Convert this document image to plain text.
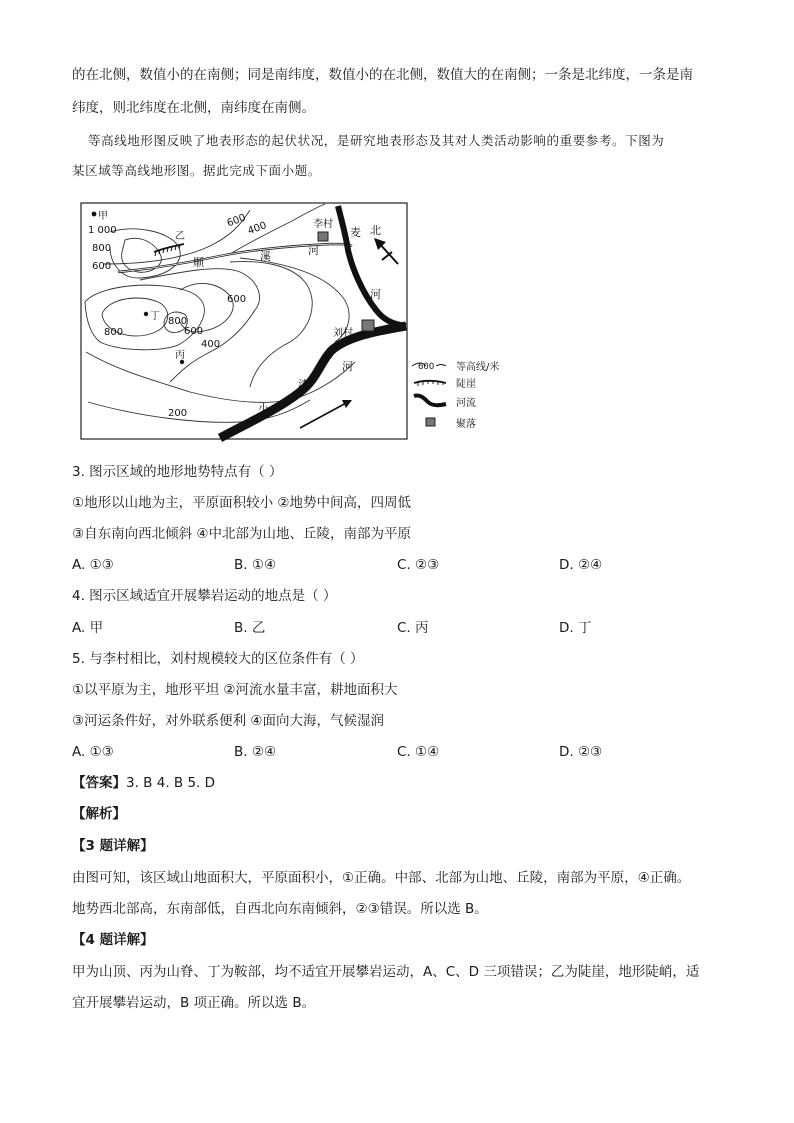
的在北侧，数值小的在南侧；同是南纬度，数值小的在北侧，数值大的在南侧；一条是北纬度，一条是南
纬度，则北纬度在北侧，南纬度在南侧。
等高线地形图反映了地表形态的起伏状况，是研究地表形态及其对人类活动影响的重要参考。下图为
某区域等高线地形图。据此完成下面小题。
甲
1 000
800
600
乙
600 400	李村
麦 北
顺	溪	河
河
600
800
丁 800
600
400
丙
刘村
河
清
小
200
600 等高线/米
陡崖
河流
聚落
3. 图示区域的地形地势特点有（ ）
①地形以山地为主，平原面积较小 ②地势中间高，四周低
③自东南向西北倾斜 ④中北部为山地、丘陵，南部为平原
A. ①③	B. ①④	C. ②③	D. ②④
4. 图示区域适宜开展攀岩运动的地点是（ ）
A. 甲	B. 乙	C. 丙	D. 丁
5. 与李村相比，刘村规模较大的区位条件有（ ）
①以平原为主，地形平坦 ②河流水量丰富，耕地面积大
③河运条件好，对外联系便利 ④面向大海，气候湿润
A. ①③	B. ②④	C. ①④	D. ②③
【答案】3. B 4. B 5. D
【解析】
【3 题详解】
由图可知，该区域山地面积大，平原面积小，①正确。中部、北部为山地、丘陵，南部为平原，④正确。
地势西北部高，东南部低，自西北向东南倾斜，②③错误。所以选 B。
【4 题详解】
甲为山顶、丙为山脊、丁为鞍部，均不适宜开展攀岩运动，A、C、D 三项错误；乙为陡崖，地形陡峭，适
宜开展攀岩运动，B 项正确。所以选 B。
